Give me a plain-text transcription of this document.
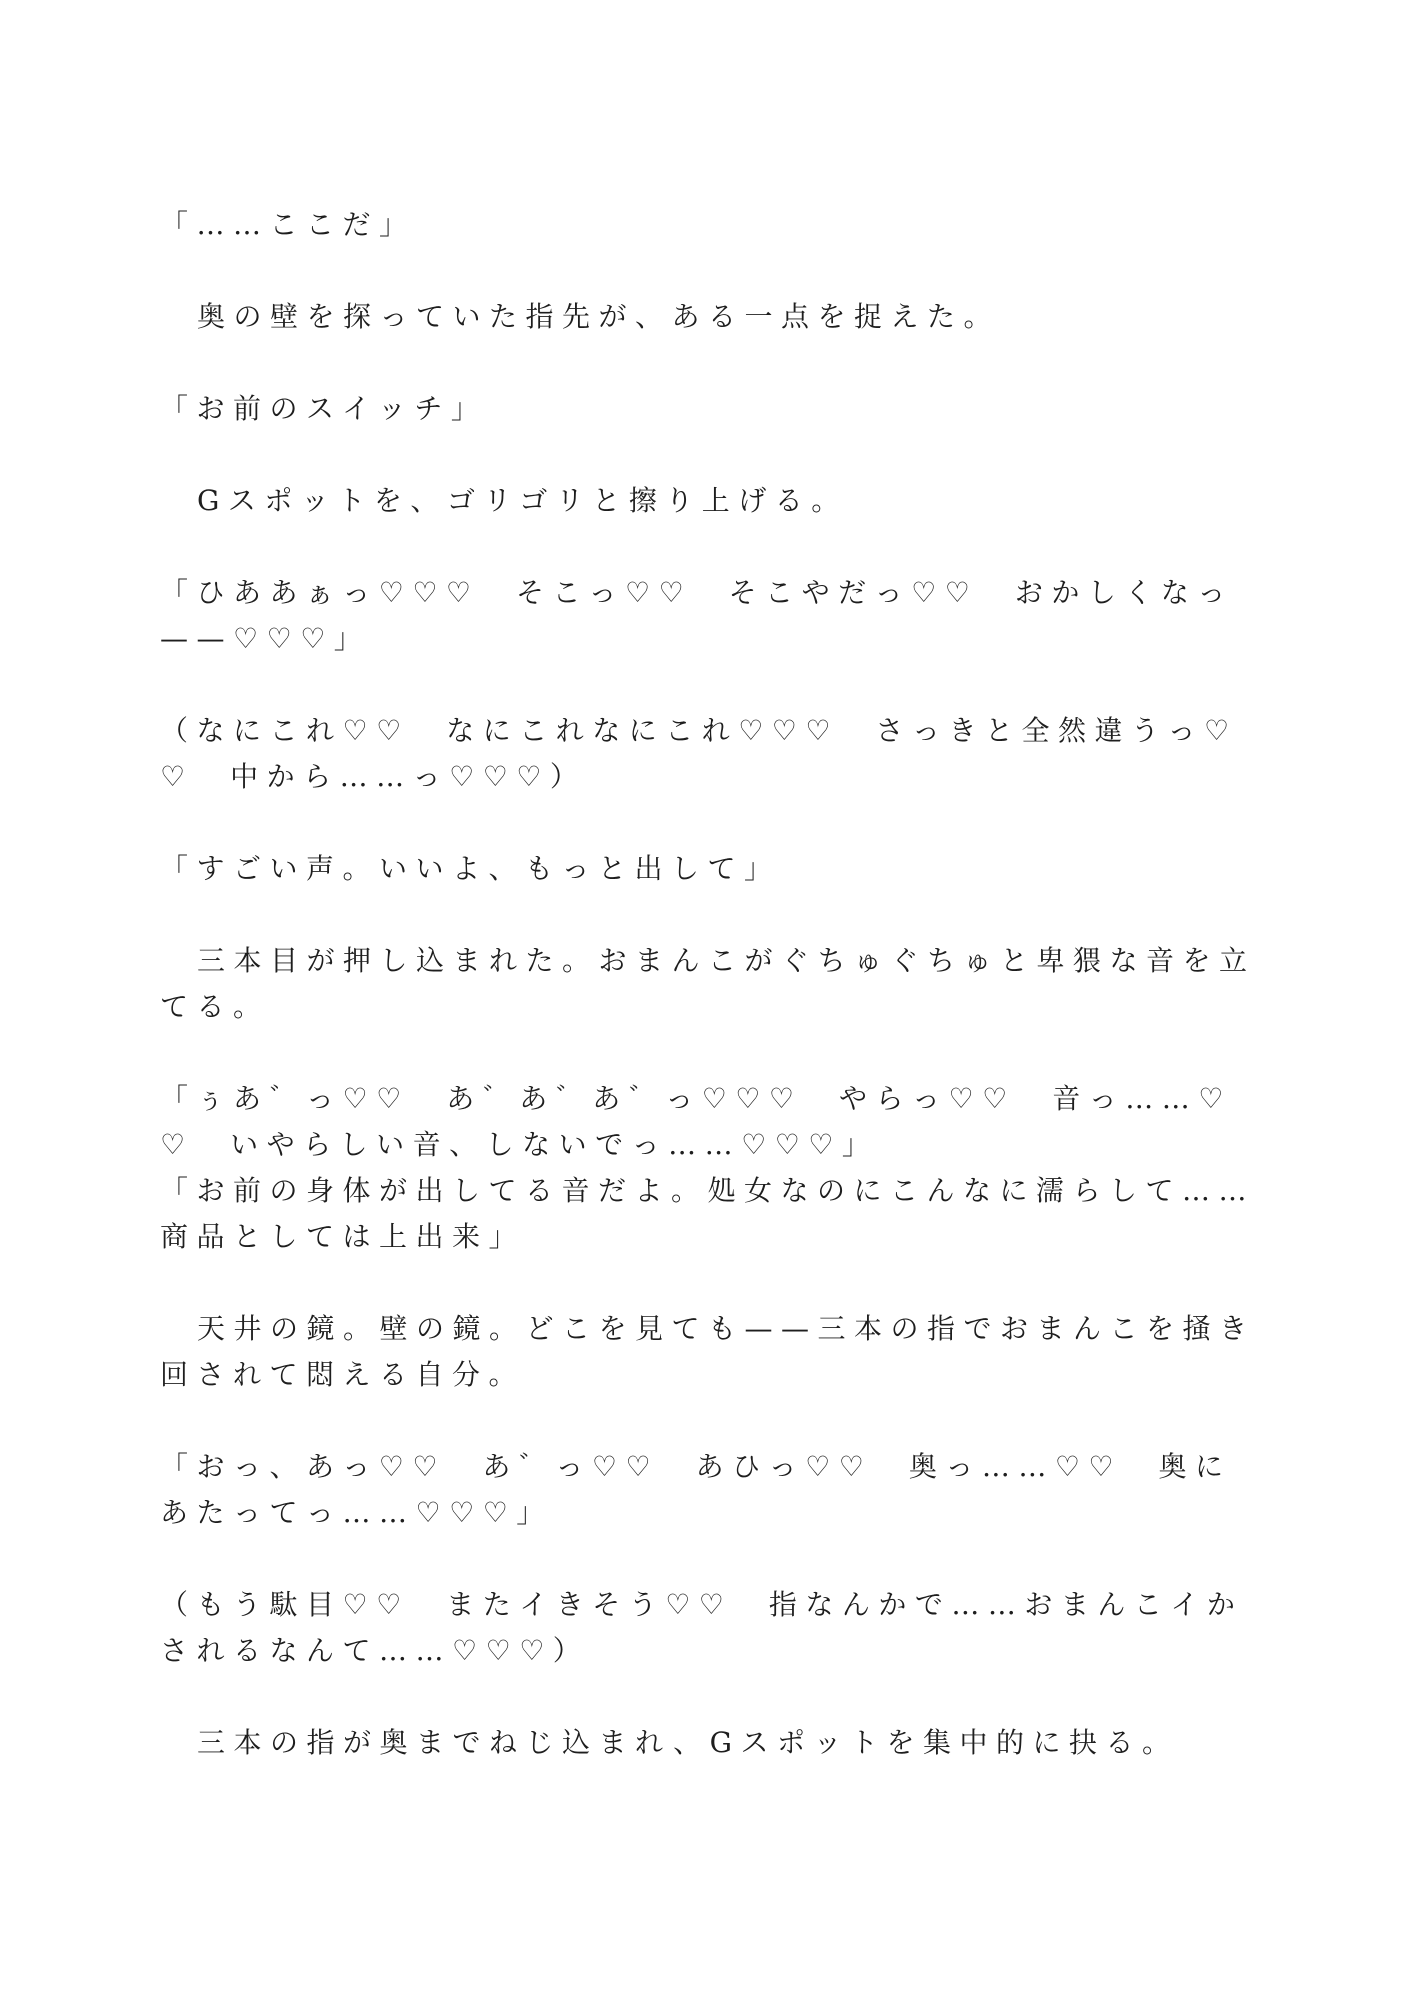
「……ここだ」

奥の壁を探っていた指先が、ある一点を捉えた。

「お前のスイッチ」

Gスポットを、ゴリゴリと擦り上げる。

「ひああぁっ♡♡♡　そこっ♡♡　そこやだっ♡♡　おかしくなっ
——♡♡♡」

（なにこれ♡♡　なにこれなにこれ♡♡♡　さっきと全然違うっ♡
♡　中から……っ♡♡♡）

「すごい声。いいよ、もっと出して」

三本目が押し込まれた。おまんこがぐちゅぐちゅと卑猥な音を立
てる。

「ぅあ゛っ♡♡　あ゛あ゛あ゛っ♡♡♡　やらっ♡♡　音っ……♡
♡　いやらしい音、しないでっ……♡♡♡」

「お前の身体が出してる音だよ。処女なのにこんなに濡らして……
商品としては上出来」

天井の鏡。壁の鏡。どこを見ても——三本の指でおまんこを掻き
回されて悶える自分。

「おっ、あっ♡♡　あ゛っ♡♡　あひっ♡♡　奥っ……♡♡　奥に
あたってっ……♡♡♡」

（もう駄目♡♡　またイきそう♡♡　指なんかで……おまんこイか
されるなんて……♡♡♡）

三本の指が奥までねじ込まれ、Gスポットを集中的に抉る。
